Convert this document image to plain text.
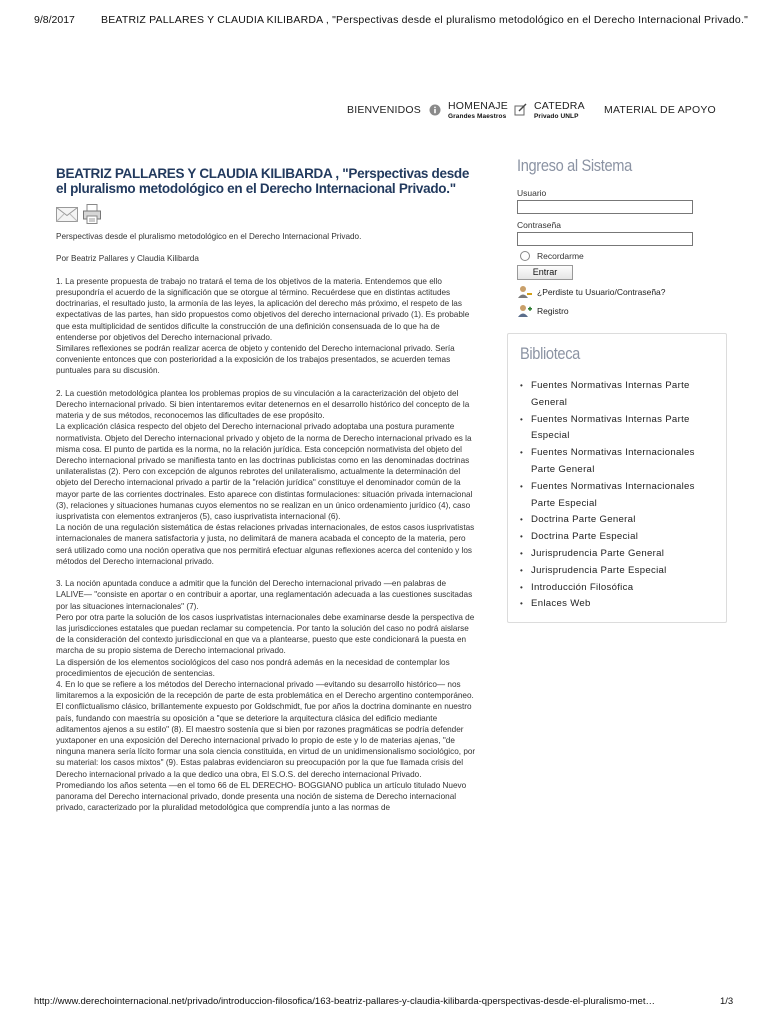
9/8/2017 BEATRIZ PALLARES Y CLAUDIA KILIBARDA , "Perspectivas desde el pluralismo metodológico en el Derecho Internacional Privado."
BIENVENIDOS	HOMENAJE
Grandes Maestros
CATEDRA
Privado UNLP
MATERIAL DE APOYO
BEATRIZ PALLARES Y CLAUDIA KILIBARDA , "Perspectivas desde el pluralismo metodológico en el Derecho Internacional Privado."

Perspectivas desde el pluralismo metodológico en el Derecho Internacional Privado.

Por Beatriz Pallares y Claudia Kilibarda

1. La presente propuesta de trabajo no tratará el tema de los objetivos de la materia. Entendemos que ello presupondría el acuerdo de la significación que se otorgue al término. Recuérdese que en distintas actitudes doctrinarias, el resultado justo, la armonía de las leyes, la aplicación del derecho más próximo, el respeto de las expectativas de las partes, han sido propuestos como objetivos del derecho internacional privado (1). Es probable que esta multiplicidad de sentidos dificulte la construcción de una definición consensuada de lo que ha de entenderse por objetivos del Derecho internacional privado.

Similares reflexiones se podrán realizar acerca de objeto y contenido del Derecho internacional privado. Sería conveniente entonces que con posterioridad a la exposición de los trabajos presentados, se acuerden temas puntuales para su discusión.

2. La cuestión metodológica plantea los problemas propios de su vinculación a la caracterización del objeto del Derecho internacional privado. Si bien intentaremos evitar detenernos en el desarrollo histórico del concepto de la materia y de sus métodos, reconocemos las dificultades de ese propósito.

La explicación clásica respecto del objeto del Derecho internacional privado adoptaba una postura puramente normativista. Objeto del Derecho internacional privado y objeto de la norma de Derecho internacional privado es la misma cosa. El punto de partida es la norma, no la relación jurídica. Esta concepción normativista del objeto del Derecho internacional privado se manifiesta tanto en las doctrinas publicistas como en las denominadas doctrinas unilateralistas (2). Pero con excepción de algunos rebrotes del unilateralismo, actualmente la determinación del objeto del Derecho internacional privado a partir de la "relación jurídica" constituye el denominador común de la mayor parte de las corrientes doctrinales. Esto aparece con distintas formulaciones: situación privada internacional (3), relaciones y situaciones humanas cuyos elementos no se realizan en un único ordenamiento jurídico (4), caso iusprivatista con elementos extranjeros (5), caso iusprivatista internacional (6).

La noción de una regulación sistemática de éstas relaciones privadas internacionales, de estos casos iusprivatistas internacionales de manera satisfactoria y justa, no delimitará de manera acabada el concepto de la materia, pero será utilizado como una noción operativa que nos permitirá efectuar algunas reflexiones acerca del contenido y los métodos del Derecho internacional privado.

3. La noción apuntada conduce a admitir que la función del Derecho internacional privado —en palabras de LALIVE— "consiste en aportar o en contribuir a aportar, una reglamentación adecuada a las cuestiones suscitadas por las situaciones internacionales" (7).

Pero por otra parte la solución de los casos iusprivatistas internacionales debe examinarse desde la perspectiva de las jurisdicciones estatales que puedan reclamar su competencia. Por tanto la solución del caso no podrá aislarse de la consideración del contexto jurisdiccional en que va a plantearse, puesto que este condicionará la puesta en marcha de su propio sistema de Derecho internacional privado.

La dispersión de los elementos sociológicos del caso nos pondrá además en la necesidad de contemplar los procedimientos de ejecución de sentencias.

4. En lo que se refiere a los métodos del Derecho internacional privado —evitando su desarrollo histórico— nos limitaremos a la exposición de la recepción de parte de esta problemática en el Derecho argentino contemporáneo.

El conflictualismo clásico, brillantemente expuesto por Goldschmidt, fue por años la doctrina dominante en nuestro país, fundando con maestría su oposición a "que se deteriore la arquitectura clásica del edificio mediante aditamentos ajenos a su estilo" (8). El maestro sostenía que si bien por razones pragmáticas se podría defender yuxtaponer en una exposición del Derecho internacional privado lo propio de este y lo de materias ajenas, "de ninguna manera sería lícito formar una sola ciencia constituida, en virtud de un unidimensionalismo sociológico, por su material: los casos mixtos" (9). Estas palabras evidenciaron su preocupación por la que fue llamada crisis del Derecho internacional privado a la que dedico una obra, El S.O.S. del derecho internacional Privado.

Promediando los años setenta —en el tomo 66 de EL DERECHO- BOGGIANO publica un artículo titulado Nuevo panorama del Derecho internacional privado, donde presenta una noción de sistema de Derecho internacional privado, caracterizado por la pluralidad metodológica que comprendía junto a las normas de

Ingreso al Sistema
Usuario
Contraseña
Recordarme
Entrar
¿Perdiste tu Usuario/Contraseña?
Registro
Biblioteca
• Fuentes Normativas Internas Parte General
• Fuentes Normativas Internas Parte Especial
• Fuentes Normativas Internacionales Parte General
• Fuentes Normativas Internacionales Parte Especial
• Doctrina Parte General
• Doctrina Parte Especial
• Jurisprudencia Parte General
• Jurisprudencia Parte Especial
• Introducción Filosófica
• Enlaces Web
http://www.derechointernacional.net/privado/introduccion-filosofica/163-beatriz-pallares-y-claudia-kilibarda-qperspectivas-desde-el-pluralismo-met…	1/3
